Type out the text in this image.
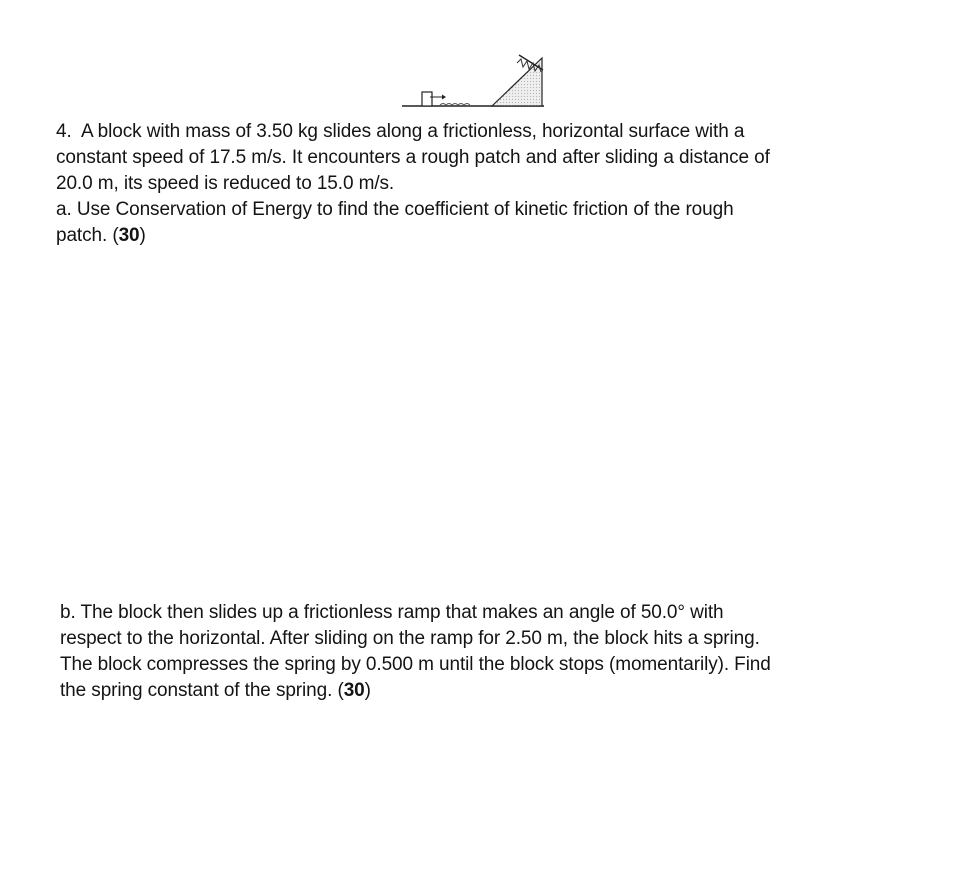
4. A block with mass of 3.50 kg slides along a frictionless, horizontal surface with a

constant speed of 17.5 m/s. It encounters a rough patch and after sliding a distance of

20.0 m, its speed is reduced to 15.0 m/s.

a. Use Conservation of Energy to find the coefficient of kinetic friction of the rough

patch. (30)

b. The block then slides up a frictionless ramp that makes an angle of 50.0° with

respect to the horizontal. After sliding on the ramp for 2.50 m, the block hits a spring.

The block compresses the spring by 0.500 m until the block stops (momentarily). Find

the spring constant of the spring. (30)
